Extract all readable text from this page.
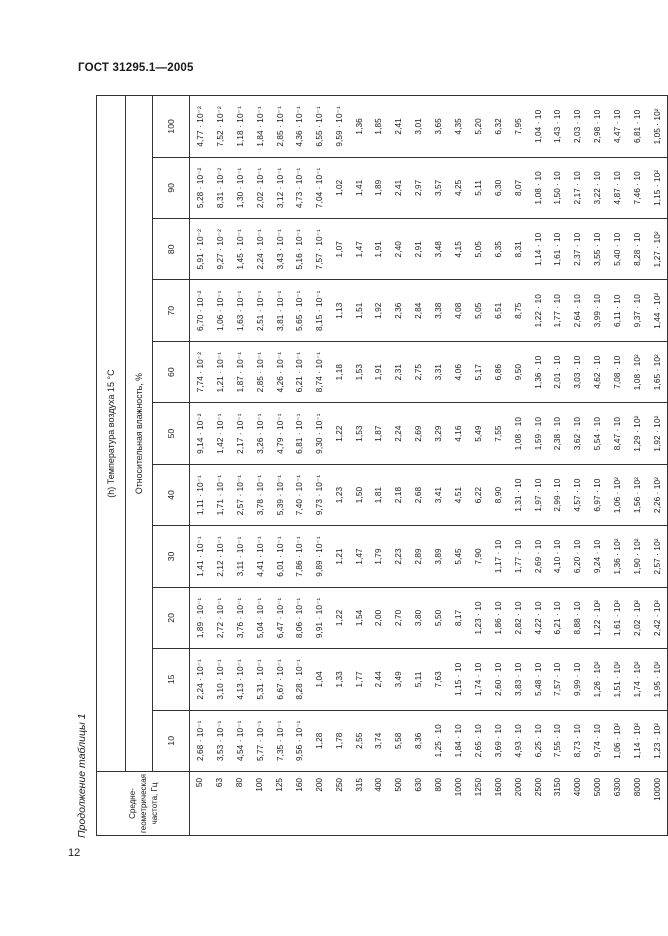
ГОСТ 31295.1—2005
Продолжение таблицы 1
12
Средне- геометрическая частота, Гц	(h) Температура воздуха 15 °С										
	Относительная влажность, %										
	10	15	20	30	40	50	60	70	80	90	100
50	2,68 · 10⁻¹	2,24 · 10⁻¹	1,89 · 10⁻¹	1,41 · 10⁻¹	1,11 · 10⁻¹	9,14 · 10⁻²	7,74 · 10⁻²	6,70 · 10⁻²	5,91 · 10⁻²	5,28 · 10⁻²	4,77 · 10⁻²
63	3,53 · 10⁻¹	3,10 · 10⁻¹	2,72 · 10⁻¹	2,12 · 10⁻¹	1,71 · 10⁻¹	1,42 · 10⁻¹	1,21 · 10⁻¹	1,06 · 10⁻¹	9,27 · 10⁻²	8,31 · 10⁻²	7,52 · 10⁻²
80	4,54 · 10⁻¹	4,13 · 10⁻¹	3,76 · 10⁻¹	3,11 · 10⁻¹	2,57 · 10⁻¹	2,17 · 10⁻¹	1,87 · 10⁻¹	1,63 · 10⁻¹	1,45 · 10⁻¹	1,30 · 10⁻¹	1,18 · 10⁻¹
100	5,77 · 10⁻¹	5,31 · 10⁻¹	5,04 · 10⁻¹	4,41 · 10⁻¹	3,78 · 10⁻¹	3,26 · 10⁻¹	2,85 · 10⁻¹	2,51 · 10⁻¹	2,24 · 10⁻¹	2,02 · 10⁻¹	1,84 · 10⁻¹
125	7,35 · 10⁻¹	6,67 · 10⁻¹	6,47 · 10⁻¹	6,01 · 10⁻¹	5,39 · 10⁻¹	4,79 · 10⁻¹	4,26 · 10⁻¹	3,81 · 10⁻¹	3,43 · 10⁻¹	3,12 · 10⁻¹	2,85 · 10⁻¹
160	9,56 · 10⁻¹	8,28 · 10⁻¹	8,06 · 10⁻¹	7,86 · 10⁻¹	7,40 · 10⁻¹	6,81 · 10⁻¹	6,21 · 10⁻¹	5,65 · 10⁻¹	5,16 · 10⁻¹	4,73 · 10⁻¹	4,36 · 10⁻¹
200	1,28	1,04	9,91 · 10⁻¹	9,89 · 10⁻¹	9,73 · 10⁻¹	9,30 · 10⁻¹	8,74 · 10⁻¹	8,15 · 10⁻¹	7,57 · 10⁻¹	7,04 · 10⁻¹	6,55 · 10⁻¹
250	1,78	1,33	1,22	1,21	1,23	1,22	1,18	1,13	1,07	1,02	9,59 · 10⁻¹
315	2,55	1,77	1,54	1,47	1,50	1,53	1,53	1,51	1,47	1,41	1,36
400	3,74	2,44	2,00	1,79	1,81	1,87	1,91	1,92	1,91	1,89	1,85
500	5,58	3,49	2,70	2,23	2,18	2,24	2,31	2,36	2,40	2,41	2,41
630	8,36	5,11	3,80	2,89	2,68	2,69	2,75	2,84	2,91	2,97	3,01
800	1,25 · 10	7,63	5,50	3,89	3,41	3,29	3,31	3,38	3,48	3,57	3,65
1000	1,84 · 10	1,15 · 10	8,17	5,45	4,51	4,16	4,06	4,08	4,15	4,25	4,35
1250	2,65 · 10	1,74 · 10	1,23 · 10	7,90	6,22	5,49	5,17	5,05	5,05	5,11	5,20
1600	3,69 · 10	2,60 · 10	1,86 · 10	1,17 · 10	8,90	7,55	6,86	6,51	6,35	6,30	6,32
2000	4,93 · 10	3,83 · 10	2,82 · 10	1,77 · 10	1,31 · 10	1,08 · 10	9,50	8,75	8,31	8,07	7,95
2500	6,25 · 10	5,48 · 10	4,22 · 10	2,69 · 10	1,97 · 10	1,59 · 10	1,36 · 10	1,22 · 10	1,14 · 10	1,08 · 10	1,04 · 10
3150	7,55 · 10	7,57 · 10	6,21 · 10	4,10 · 10	2,99 · 10	2,38 · 10	2,01 · 10	1,77 · 10	1,61 · 10	1,50 · 10	1,43 · 10
4000	8,73 · 10	9,99 · 10	8,88 · 10	6,20 · 10	4,57 · 10	3,62 · 10	3,03 · 10	2,64 · 10	2,37 · 10	2,17 · 10	2,03 · 10
5000	9,74 · 10	1,26 · 10²	1,22 · 10²	9,24 · 10	6,97 · 10	5,54 · 10	4,62 · 10	3,99 · 10	3,55 · 10	3,22 · 10	2,98 · 10
6300	1,06 · 10²	1,51 · 10²	1,61 · 10²	1,36 · 10²	1,06 · 10²	8,47 · 10	7,08 · 10	6,11 · 10	5,40 · 10	4,87 · 10	4,47 · 10
8000	1,14 · 10²	1,74 · 10²	2,02 · 10²	1,90 · 10²	1,56 · 10²	1,29 · 10²	1,08 · 10²	9,37 · 10	8,28 · 10	7,46 · 10	6,81 · 10
10000	1,23 · 10²	1,95 · 10²	2,42 · 10²	2,57 · 10²	2,26 · 10²	1,92 · 10²	1,65 · 10²	1,44 · 10²	1,27 · 10²	1,15 · 10²	1,05 · 10²
